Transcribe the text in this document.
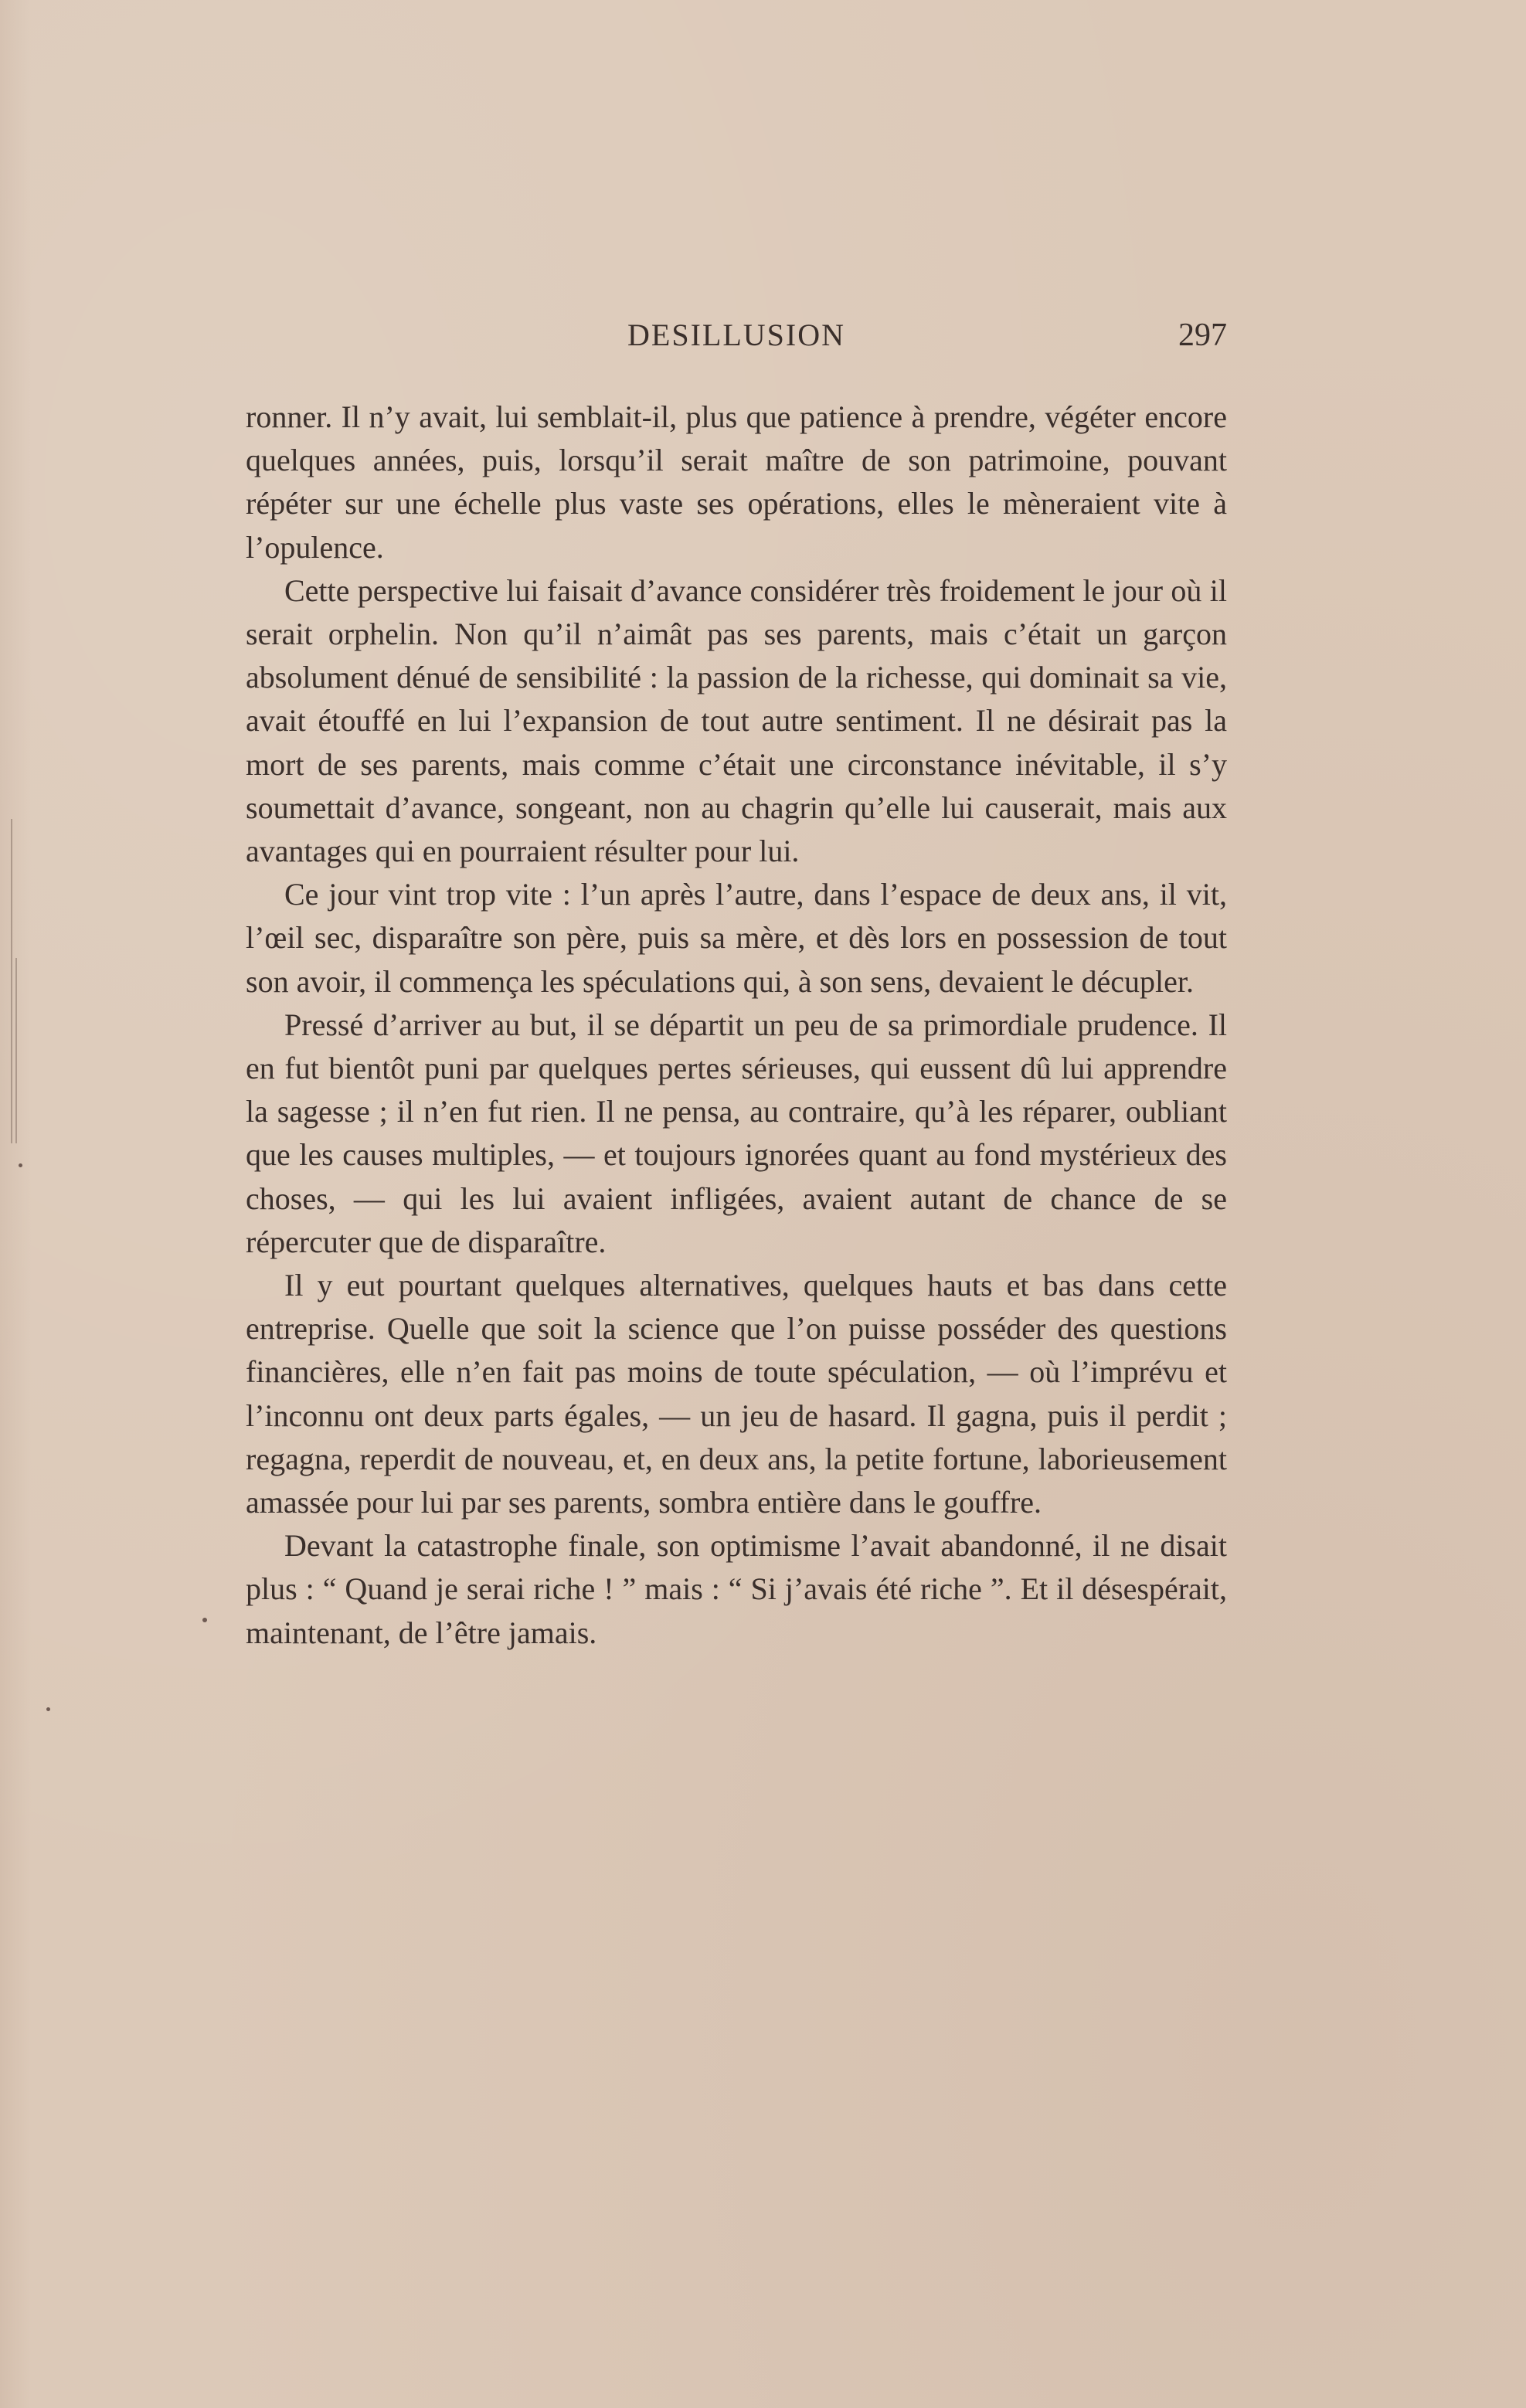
DESILLUSION	297

ronner. Il n’y avait, lui semblait-il, plus que patience à prendre, végéter encore quelques années, puis, lorsqu’il serait maître de son patrimoine, pouvant répéter sur une échelle plus vaste ses opérations, elles le mèneraient vite à l’opulence.

Cette perspective lui faisait d’avance considérer très froidement le jour où il serait orphelin. Non qu’il n’aimât pas ses parents, mais c’était un garçon absolument dénué de sensibilité : la passion de la richesse, qui dominait sa vie, avait étouffé en lui l’expansion de tout autre sentiment. Il ne désirait pas la mort de ses parents, mais comme c’était une circonstance inévitable, il s’y soumettait d’avance, songeant, non au chagrin qu’elle lui causerait, mais aux avantages qui en pourraient résulter pour lui.

Ce jour vint trop vite : l’un après l’autre, dans l’espace de deux ans, il vit, l’œil sec, disparaître son père, puis sa mère, et dès lors en possession de tout son avoir, il commença les spéculations qui, à son sens, devaient le décupler.

Pressé d’arriver au but, il se départit un peu de sa primordiale prudence. Il en fut bientôt puni par quelques pertes sérieuses, qui eussent dû lui apprendre la sagesse ; il n’en fut rien. Il ne pensa, au contraire, qu’à les réparer, oubliant que les causes multiples, — et toujours ignorées quant au fond mystérieux des choses, — qui les lui avaient infligées, avaient autant de chance de se répercuter que de disparaître.

Il y eut pourtant quelques alternatives, quelques hauts et bas dans cette entreprise. Quelle que soit la science que l’on puisse posséder des questions financières, elle n’en fait pas moins de toute spéculation, — où l’imprévu et l’inconnu ont deux parts égales, — un jeu de hasard. Il gagna, puis il perdit ; regagna, reperdit de nouveau, et, en deux ans, la petite fortune, laborieusement amassée pour lui par ses parents, sombra entière dans le gouffre.

Devant la catastrophe finale, son optimisme l’avait abandonné, il ne disait plus : “ Quand je serai riche ! ” mais : “ Si j’avais été riche ”. Et il désespérait, maintenant, de l’être jamais.
